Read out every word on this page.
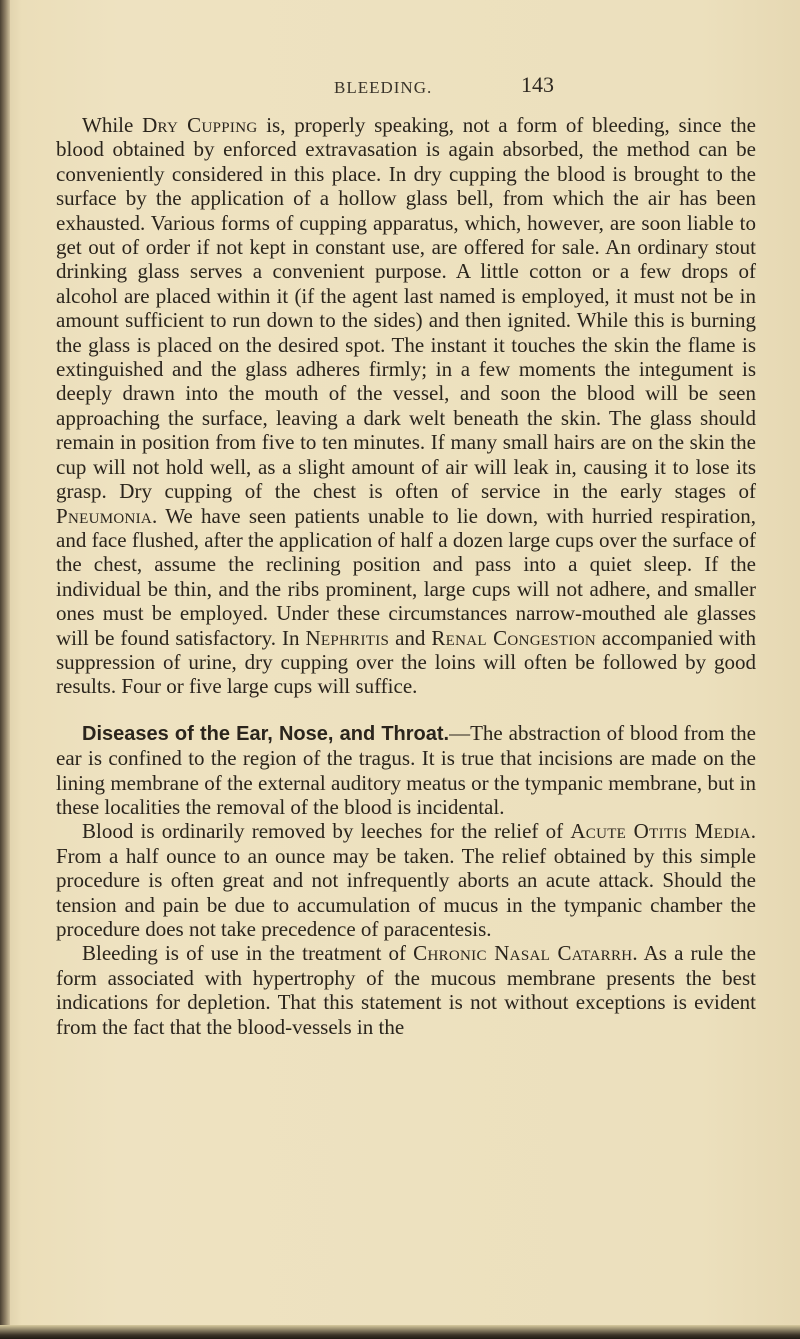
BLEEDING.	143

While Dry Cupping is, properly speaking, not a form of bleeding, since the blood obtained by enforced extravasation is again absorbed, the method can be conveniently considered in this place. In dry cupping the blood is brought to the surface by the application of a hollow glass bell, from which the air has been exhausted. Various forms of cupping apparatus, which, however, are soon liable to get out of order if not kept in constant use, are offered for sale. An ordinary stout drinking glass serves a convenient purpose. A little cotton or a few drops of alcohol are placed within it (if the agent last named is employed, it must not be in amount sufficient to run down to the sides) and then ignited. While this is burning the glass is placed on the desired spot. The instant it touches the skin the flame is extinguished and the glass adheres firmly; in a few moments the integument is deeply drawn into the mouth of the vessel, and soon the blood will be seen approaching the surface, leaving a dark welt beneath the skin. The glass should remain in position from five to ten minutes. If many small hairs are on the skin the cup will not hold well, as a slight amount of air will leak in, causing it to lose its grasp. Dry cupping of the chest is often of service in the early stages of Pneumonia. We have seen patients unable to lie down, with hurried respiration, and face flushed, after the application of half a dozen large cups over the surface of the chest, assume the reclining position and pass into a quiet sleep. If the individual be thin, and the ribs prominent, large cups will not adhere, and smaller ones must be employed. Under these circumstances narrow-mouthed ale glasses will be found satisfactory. In Nephritis and Renal Congestion accompanied with suppression of urine, dry cupping over the loins will often be followed by good results. Four or five large cups will suffice.

Diseases of the Ear, Nose, and Throat.—The abstraction of blood from the ear is confined to the region of the tragus. It is true that incisions are made on the lining membrane of the external auditory meatus or the tympanic membrane, but in these localities the removal of the blood is incidental.

Blood is ordinarily removed by leeches for the relief of Acute Otitis Media. From a half ounce to an ounce may be taken. The relief obtained by this simple procedure is often great and not infrequently aborts an acute attack. Should the tension and pain be due to accumulation of mucus in the tympanic chamber the procedure does not take precedence of paracentesis.

Bleeding is of use in the treatment of Chronic Nasal Catarrh. As a rule the form associated with hypertrophy of the mucous membrane presents the best indications for depletion. That this statement is not without exceptions is evident from the fact that the blood-vessels in the
